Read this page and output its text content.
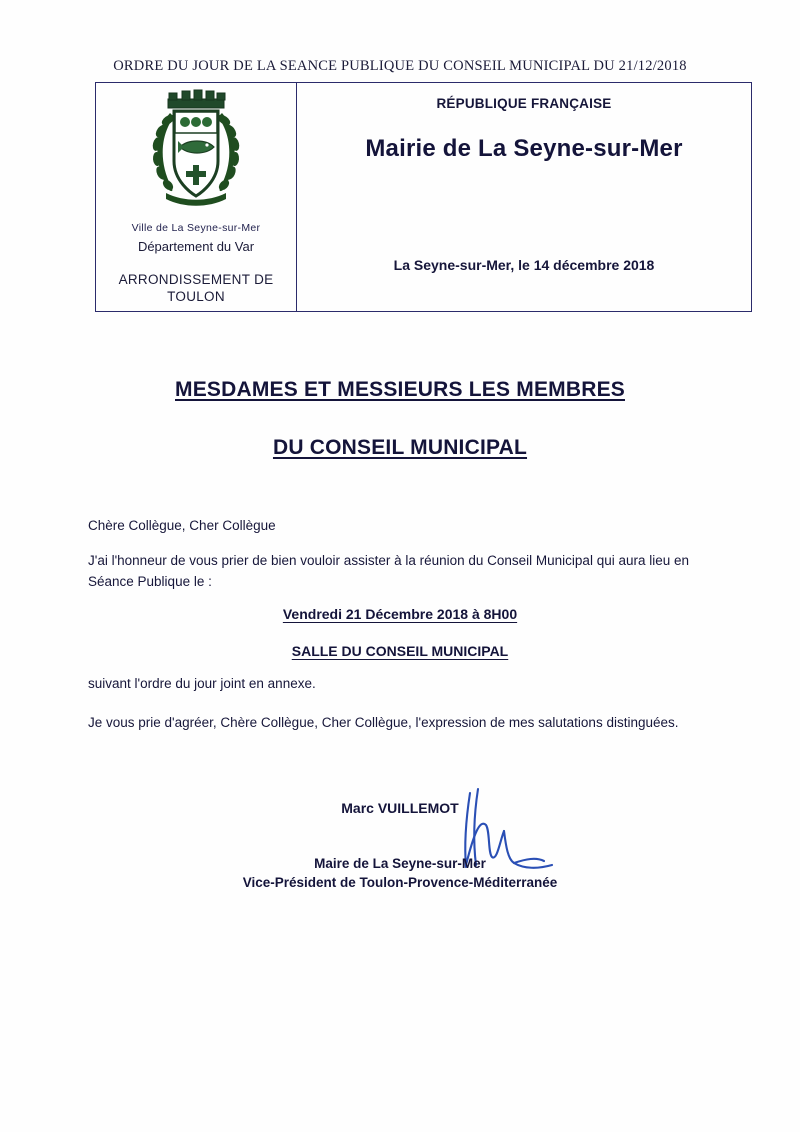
ORDRE DU JOUR DE LA SEANCE PUBLIQUE DU CONSEIL MUNICIPAL DU 21/12/2018
Ville de La Seyne-sur-Mer
Département du Var
ARRONDISSEMENT DE
TOULON
RÉPUBLIQUE FRANÇAISE
Mairie de La Seyne-sur-Mer
La Seyne-sur-Mer, le 14 décembre 2018
MESDAMES ET MESSIEURS LES MEMBRES
DU CONSEIL MUNICIPAL
Chère Collègue, Cher Collègue
J'ai l'honneur de vous prier de bien vouloir assister à la réunion du Conseil Municipal qui aura lieu en Séance Publique le :
Vendredi 21 Décembre 2018 à 8H00
SALLE DU CONSEIL MUNICIPAL
suivant l'ordre du jour joint en annexe.
Je vous prie d'agréer, Chère Collègue, Cher Collègue, l'expression de mes salutations distinguées.
Marc VUILLEMOT
Maire de La Seyne-sur-Mer
Vice-Président de Toulon-Provence-Méditerranée
